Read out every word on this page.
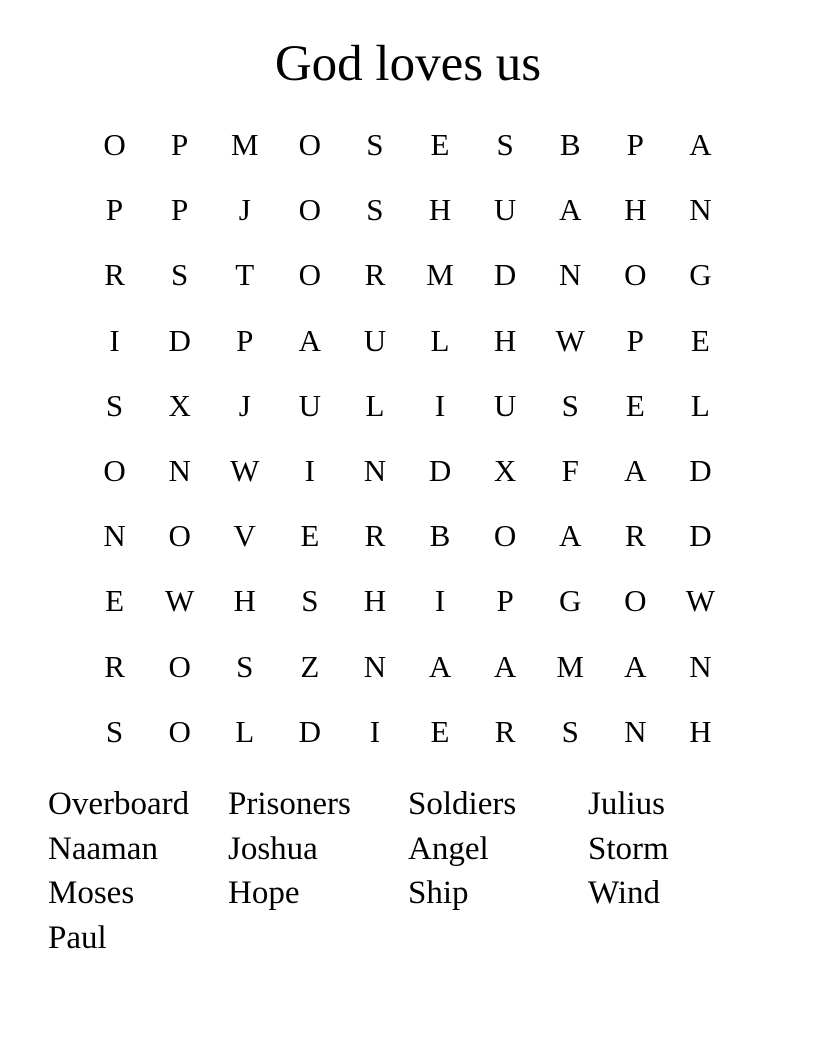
God loves us
O	P	M	O	S	E	S	B	P	A
P	P	J	O	S	H	U	A	H	N
R	S	T	O	R	M	D	N	O	G
I	D	P	A	U	L	H	W	P	E
S	X	J	U	L	I	U	S	E	L
O	N	W	I	N	D	X	F	A	D
N	O	V	E	R	B	O	A	R	D
E	W	H	S	H	I	P	G	O	W
R	O	S	Z	N	A	A	M	A	N
S	O	L	D	I	E	R	S	N	H
Overboard	Prisoners	Soldiers	Julius
Naaman	Joshua	Angel	Storm
Moses	Hope	Ship	Wind
Paul
